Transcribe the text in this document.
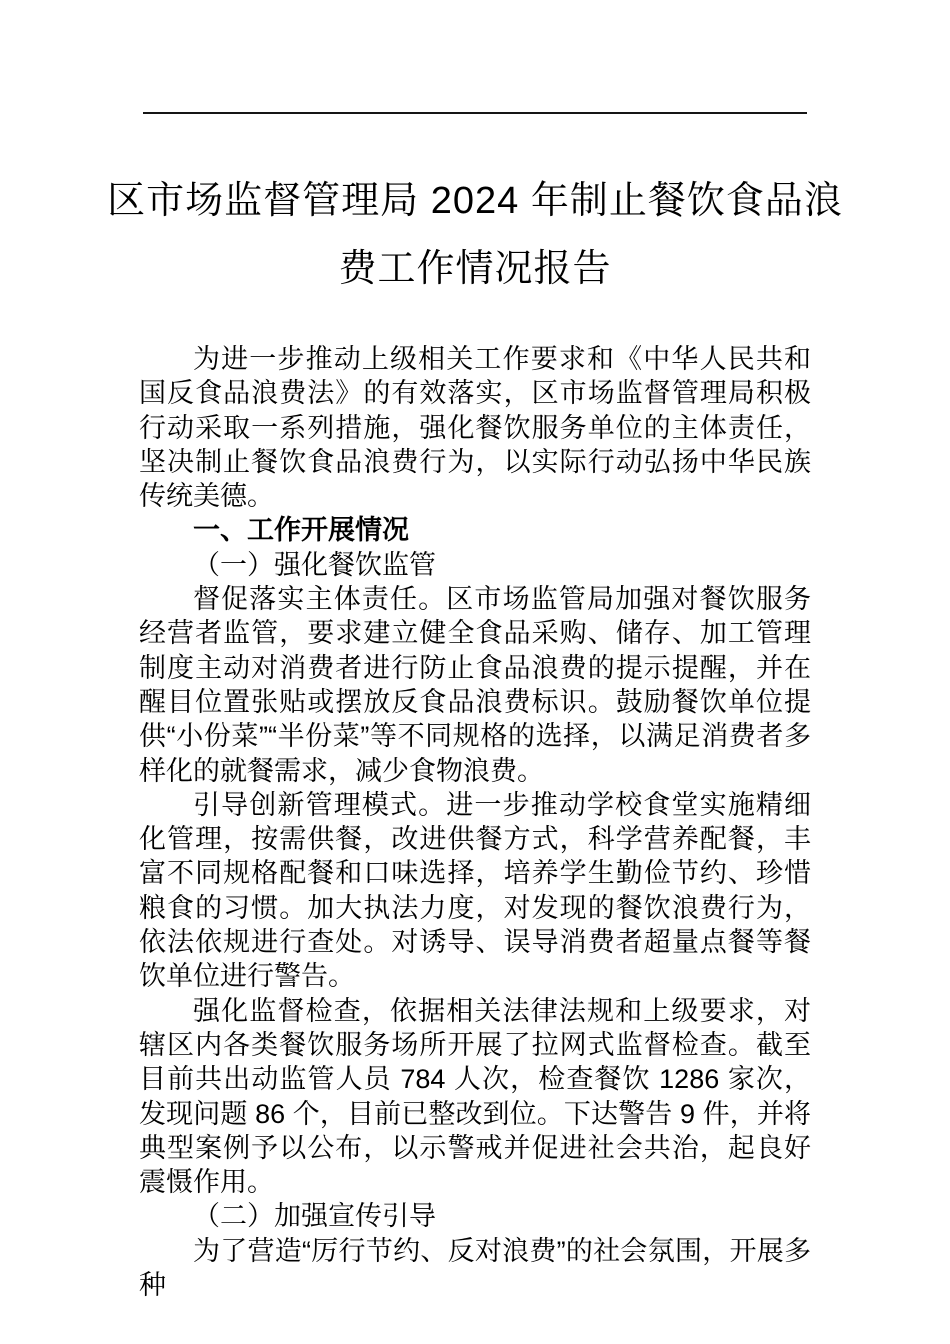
区市场监督管理局 2024 年制止餐饮食品浪
费工作情况报告

为进一步推动上级相关工作要求和《中华人民共和国反食品浪费法》的有效落实，区市场监督管理局积极行动采取一系列措施，强化餐饮服务单位的主体责任，坚决制止餐饮食品浪费行为，以实际行动弘扬中华民族传统美德。

一、工作开展情况
（一）强化餐饮监管

督促落实主体责任。区市场监管局加强对餐饮服务经营者监管，要求建立健全食品采购、储存、加工管理制度主动对消费者进行防止食品浪费的提示提醒，并在醒目位置张贴或摆放反食品浪费标识。鼓励餐饮单位提供“小份菜”“半份菜”等不同规格的选择，以满足消费者多样化的就餐需求，减少食物浪费。

引导创新管理模式。进一步推动学校食堂实施精细化管理，按需供餐，改进供餐方式，科学营养配餐，丰富不同规格配餐和口味选择，培养学生勤俭节约、珍惜粮食的习惯。加大执法力度，对发现的餐饮浪费行为，依法依规进行查处。对诱导、误导消费者超量点餐等餐饮单位进行警告。

强化监督检查，依据相关法律法规和上级要求，对辖区内各类餐饮服务场所开展了拉网式监督检查。截至目前共出动监管人员 784 人次，检查餐饮 1286 家次，发现问题 86 个，目前已整改到位。下达警告 9 件，并将典型案例予以公布，以示警戒并促进社会共治，起良好震慑作用。

（二）加强宣传引导

为了营造“厉行节约、反对浪费”的社会氛围，开展多种
